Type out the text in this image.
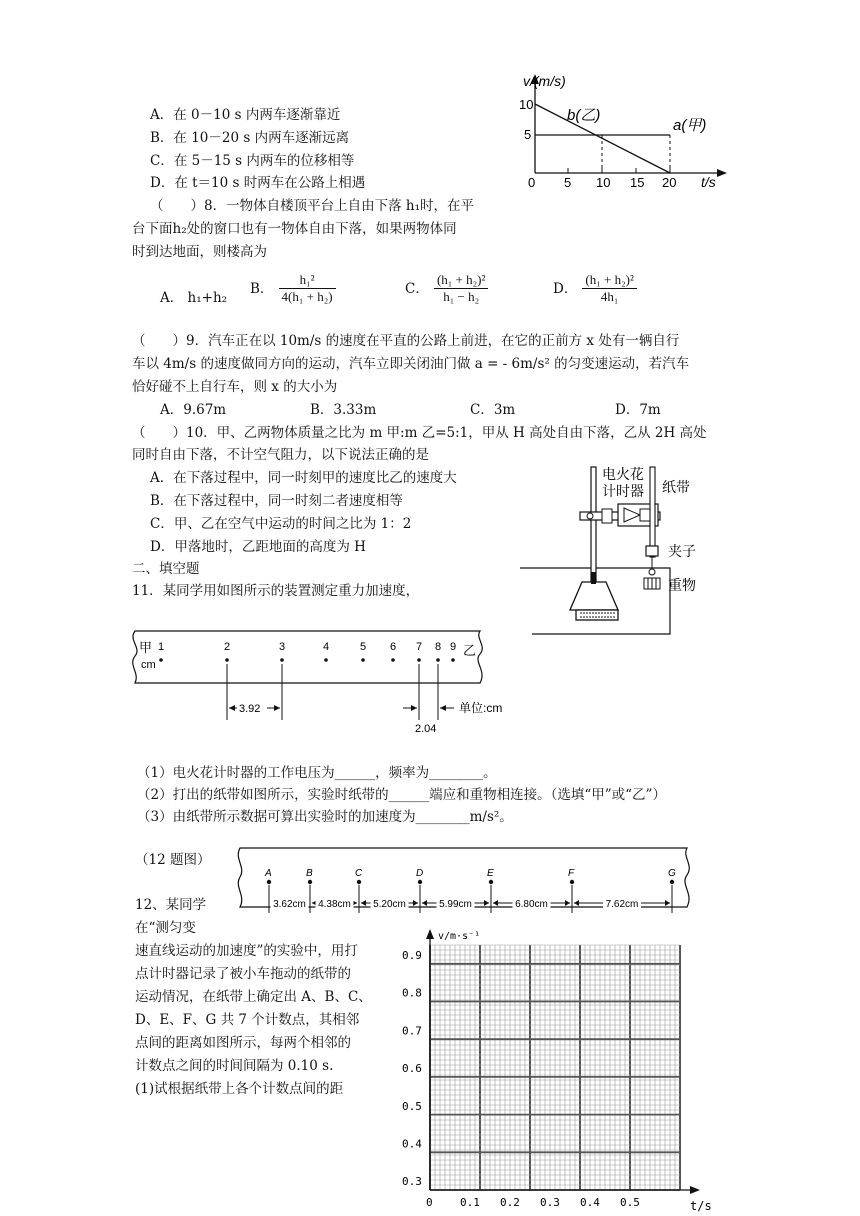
A．在 0－10 s 内两车逐渐靠近
B．在 10－20 s 内两车逐渐远离
C．在 5－15 s 内两车的位移相等
D．在 t＝10 s 时两车在公路上相遇
v/(m/s)
t/s
10
5
0 5 10 15 20
b(乙)
a(甲)
（　　）8．一物体自楼顶平台上自由下落 h₁时，在平
台下面h₂处的窗口也有一物体自由下落，如果两物体同
时到达地面，则楼高为
A． h₁+h₂
B． $\frac{\text{h₁²}}{\text{4(h₁ + h₂)}}$	C． $\frac{\text{(h₁ + h₂)²}}{\text{h₁ − h₂}}$	D． $\frac{\text{(h₁ + h₂)²}}{\text{4h₁}}$
（　　）9．汽车正在以 10m/s 的速度在平直的公路上前进，在它的正前方 x 处有一辆自行
车以 4m/s 的速度做同方向的运动，汽车立即关闭油门做 a = - 6m/s² 的匀变速运动，若汽车
恰好碰不上自行车，则 x 的大小为
A．9.67m	B．3.33m	C．3m	D．7m
（　　）10．甲、乙两物体质量之比为 m 甲:m 乙=5:1，甲从 H 高处自由下落，乙从 2H 高处
同时自由下落，不计空气阻力，以下说法正确的是
A．在下落过程中，同一时刻甲的速度比乙的速度大
B．在下落过程中，同一时刻二者速度相等
C．甲、乙在空气中运动的时间之比为 1：2
D．甲落地时，乙距地面的高度为 H
二、填空题
11．某同学用如图所示的装置测定重力加速度，
电火花
计时器 纸带
夹子
重物
甲
cm
乙
1	2	3	4	5 6 7 8 9
3.92
2.04
单位:cm
（1）电火花计时器的工作电压为______，频率为________。
（2）打出的纸带如图所示，实验时纸带的______端应和重物相连接。（选填“甲”或“乙”）
（3）由纸带所示数据可算出实验时的加速度为________m/s²。
（12 题图）
A	B	C	D	E	F	G
3.62cm 4.38cm 5.20cm	5.99cm	6.80cm	7.62cm
12、某同学
在“测匀变
速直线运动的加速度”的实验中，用打
点计时器记录了被小车拖动的纸带的
运动情况，在纸带上确定出 A、B、C、
D、E、F、G 共 7 个计数点，其相邻
点间的距离如图所示，每两个相邻的
计数点之间的时间间隔为 0.10 s.
(1)试根据纸带上各个计数点间的距
v/m·s⁻¹
t/s
0.9
0.8
0.7
0.6
0.5
0.4
0.3
0 0.1 0.2 0.3 0.4 0.5
